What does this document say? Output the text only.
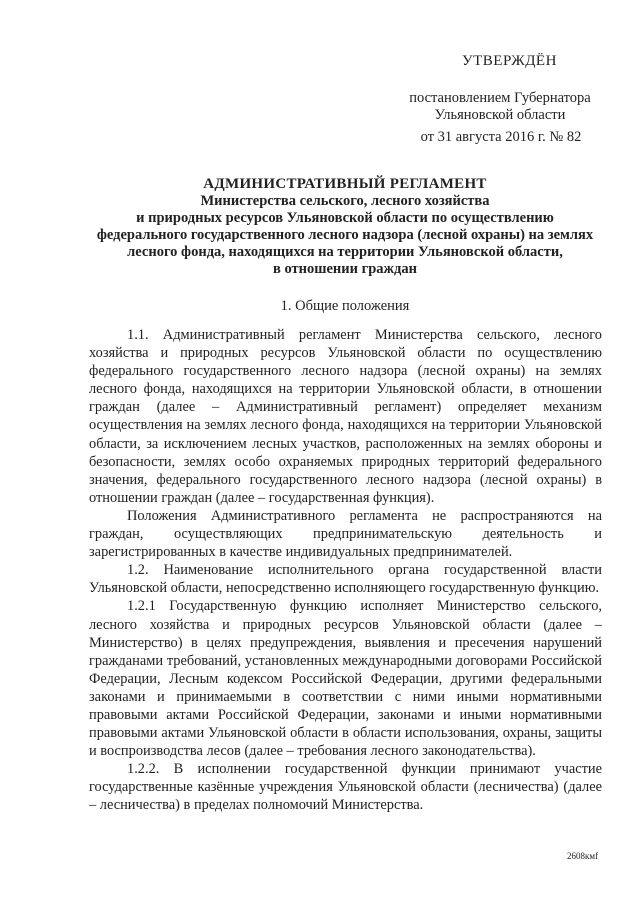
УТВЕРЖДЁН
постановлением Губернатора
Ульяновской области
от 31 августа 2016 г. № 82
АДМИНИСТРАТИВНЫЙ РЕГЛАМЕНТ
Министерства сельского, лесного хозяйства
и природных ресурсов Ульяновской области по осуществлению
федерального государственного лесного надзора (лесной охраны) на землях
лесного фонда, находящихся на территории Ульяновской области,
в отношении граждан
1. Общие положения

1.1. Административный регламент Министерства сельского, лесного хозяйства и природных ресурсов Ульяновской области по осуществлению федерального государственного лесного надзора (лесной охраны) на землях лесного фонда, находящихся на территории Ульяновской области, в отношении граждан (далее – Административный регламент) определяет механизм осуществления на землях лесного фонда, находящихся на территории Ульяновской области, за исключением лесных участков, расположенных на землях обороны и безопасности, землях особо охраняемых природных территорий федерального значения, федерального государственного лесного надзора (лесной охраны) в отношении граждан (далее – государственная функция).

Положения Административного регламента не распространяются на граждан, осуществляющих предпринимательскую деятельность и зарегистрированных в качестве индивидуальных предпринимателей.

1.2. Наименование исполнительного органа государственной власти Ульяновской области, непосредственно исполняющего государственную функцию.

1.2.1 Государственную функцию исполняет Министерство сельского, лесного хозяйства и природных ресурсов Ульяновской области (далее – Министерство) в целях предупреждения, выявления и пресечения нарушений гражданами требований, установленных международными договорами Российской Федерации, Лесным кодексом Российской Федерации, другими федеральными законами и принимаемыми в соответствии с ними иными нормативными правовыми актами Российской Федерации, законами и иными нормативными правовыми актами Ульяновской области в области использования, охраны, защиты и воспроизводства лесов (далее – требования лесного законодательства).

1.2.2. В исполнении государственной функции принимают участие государственные казённые учреждения Ульяновской области (лесничества) (далее – лесничества) в пределах полномочий Министерства.

2608кмf
